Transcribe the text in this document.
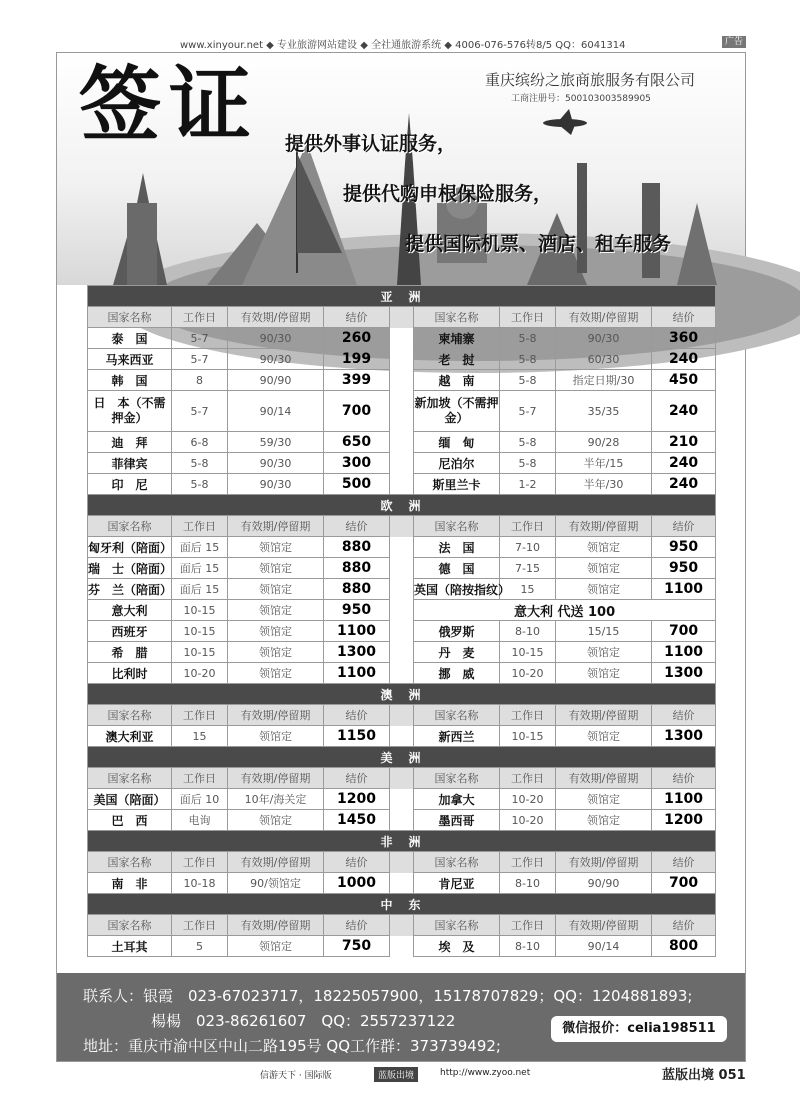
www.xinyour.net ◆ 专业旅游网站建设 ◆ 全社通旅游系统 ◆ 4006-076-576转8/5 QQ：6041314	广告
签证	重庆缤纷之旅商旅服务有限公司
工商注册号：500103003589905
提供外事认证服务，
提供代购申根保险服务，
提供国际机票、酒店、租车服务
亚　洲								
国家名称	工作日	有效期/停留期	结价		国家名称	工作日	有效期/停留期	结价
泰　国	5-7	90/30	260		柬埔寨	5-8	90/30	360
马来西亚	5-7	90/30	199		老　挝	5-8	60/30	240
韩　国	8	90/90	399		越　南	5-8	指定日期/30	450
日　本（不需押金）	5-7	90/14	700		新加坡（不需押金）	5-7	35/35	240
迪　拜	6-8	59/30	650		缅　甸	5-8	90/28	210
菲律宾	5-8	90/30	300		尼泊尔	5-8	半年/15	240
印　尼	5-8	90/30	500		斯里兰卡	1-2	半年/30	240
欧　洲								
国家名称	工作日	有效期/停留期	结价		国家名称	工作日	有效期/停留期	结价
匈牙利（陪面）	面后 15	领馆定	880		法　国	7-10	领馆定	950
瑞　士（陪面）	面后 15	领馆定	880		德　国	7-15	领馆定	950
芬　兰（陪面）	面后 15	领馆定	880		英国（陪按指纹）	15	领馆定	1100
意大利	10-15	领馆定	950		意大利 代送 100			
西班牙	10-15	领馆定	1100		俄罗斯	8-10	15/15	700
希　腊	10-15	领馆定	1300		丹　麦	10-15	领馆定	1100
比利时	10-20	领馆定	1100		挪　威	10-20	领馆定	1300
澳　洲								
国家名称	工作日	有效期/停留期	结价		国家名称	工作日	有效期/停留期	结价
澳大利亚	15	领馆定	1150		新西兰	10-15	领馆定	1300
美　洲								
国家名称	工作日	有效期/停留期	结价		国家名称	工作日	有效期/停留期	结价
美国（陪面）	面后 10	10年/海关定	1200		加拿大	10-20	领馆定	1100
巴　西	电询	领馆定	1450		墨西哥	10-20	领馆定	1200
非　洲								
国家名称	工作日	有效期/停留期	结价		国家名称	工作日	有效期/停留期	结价
南　非	10-18	90/领馆定	1000		肯尼亚	8-10	90/90	700
中　东								
国家名称	工作日	有效期/停留期	结价		国家名称	工作日	有效期/停留期	结价
土耳其	5	领馆定	750		埃　及	8-10	90/14	800
联系人：银霞　023-67023717，18225057900，15178707829；QQ：1204881893;
楊楊　023-86261607　QQ：2557237122
地址：重庆市渝中区中山二路195号 QQ工作群：373739492;
微信报价：celia198511
信游天下 · 国际版	蓝版出境	http://www.zyoo.net	蓝版出境 051
